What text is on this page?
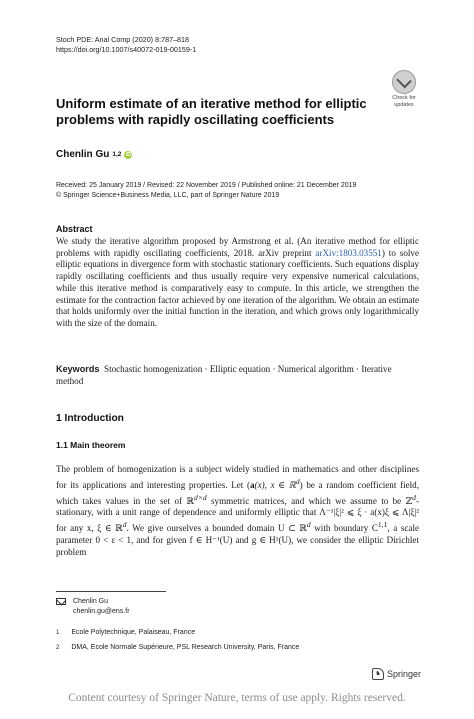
Stoch PDE: Anal Comp (2020) 8:787–818
https://doi.org/10.1007/s40072-019-00159-1
Check for
updates
Uniform estimate of an iterative method for elliptic problems with rapidly oscillating coefficients
Chenlin Gu 1,2 iD
Received: 25 January 2019 / Revised: 22 November 2019 / Published online: 21 December 2019
© Springer Science+Business Media, LLC, part of Springer Nature 2019
Abstract
We study the iterative algorithm proposed by Armstrong et al. (An iterative method for elliptic problems with rapidly oscillating coefficients, 2018. arXiv preprint arXiv:1803.03551) to solve elliptic equations in divergence form with stochastic stationary coefficients. Such equations display rapidly oscillating coefficients and thus usually require very expensive numerical calculations, while this iterative method is comparatively easy to compute. In this article, we strengthen the estimate for the contraction factor achieved by one iteration of the algorithm. We obtain an estimate that holds uniformly over the initial function in the iteration, and which grows only logarithmically with the size of the domain.
Keywords Stochastic homogenization · Elliptic equation · Numerical algorithm · Iterative method
1 Introduction
1.1 Main theorem
The problem of homogenization is a subject widely studied in mathematics and other disciplines for its applications and interesting properties. Let (a(x), x ∈ ℝ$^d$) be a random coefficient field, which takes values in the set of ℝ$^{d\times d}$ symmetric matrices, and which we assume to be ℤ$^d$-stationary, with a unit range of dependence and uniformly elliptic that Λ⁻¹|ξ|² ⩽ ξ · a(x)ξ ⩽ Λ|ξ|² for any x, ξ ∈ ℝ$^d$. We give ourselves a bounded domain U ⊂ ℝ$^d$ with boundary C$^{1,1}$, a scale parameter 0 < ε < 1, and for given f ∈ H⁻¹(U) and g ∈ H¹(U), we consider the elliptic Dirichlet problem
Chenlin Gu
chenlin.gu@ens.fr
1 Ecole Polytechnique, Palaiseau, France
2 DMA, Ecole Normale Supérieure, PSL Research University, Paris, France
♞ Springer
Content courtesy of Springer Nature, terms of use apply. Rights reserved.
